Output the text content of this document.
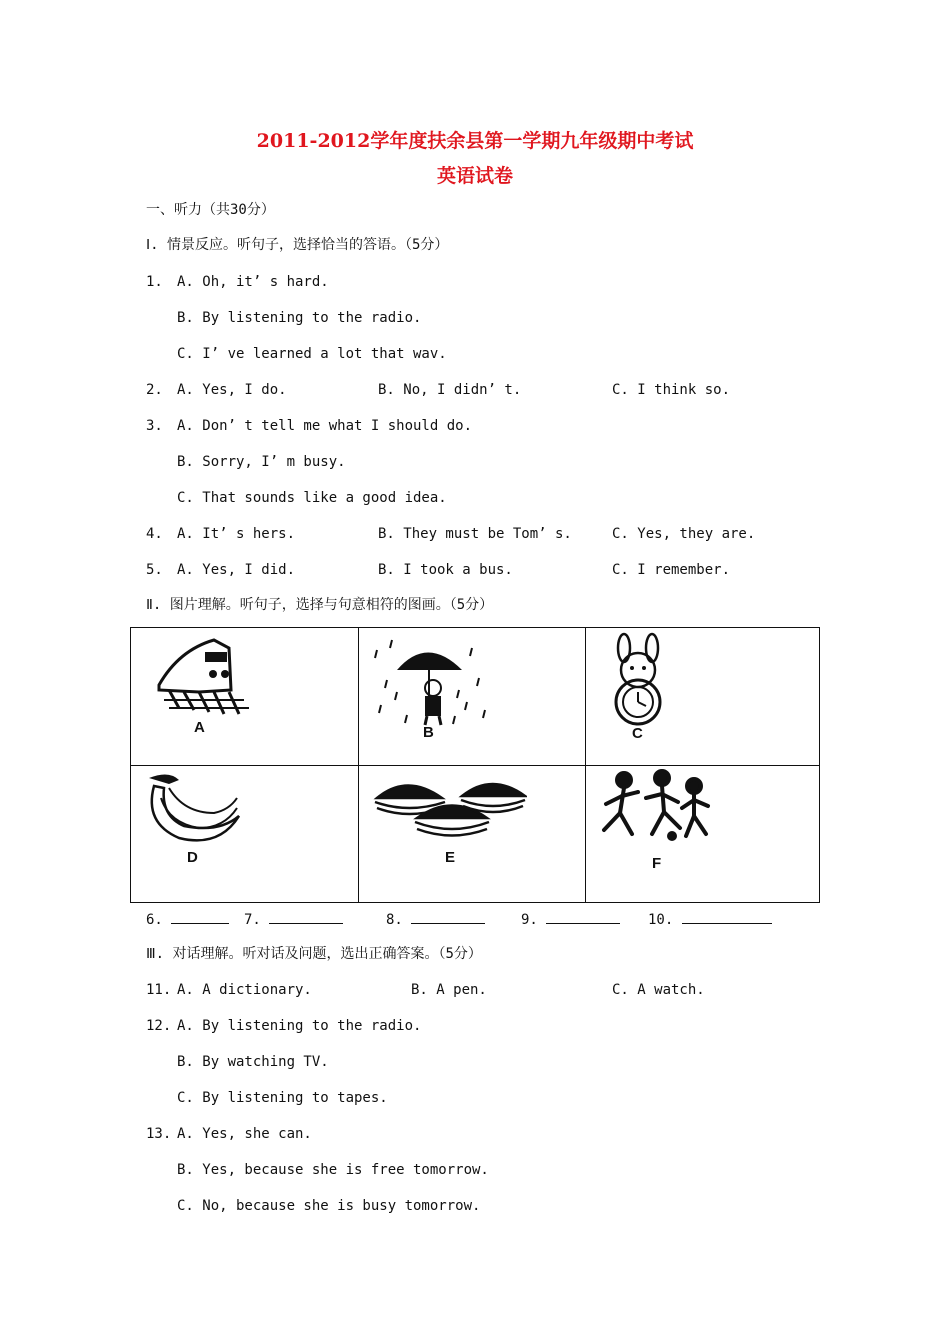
2011-2012学年度扶余县第一学期九年级期中考试
英语试卷
一、听力（共30分）
Ⅰ. 情景反应。听句子，选择恰当的答语。（5分）
1. A. Oh, it’ s hard.
B. By listening to the radio.
C. I’ ve learned a lot that wav.
2. A. Yes, I do.	B. No, I didn’ t.	C. I think so.
3. A. Don’ t tell me what I should do.
B. Sorry, I’ m busy.
C. That sounds like a good idea.
4. A. It’ s hers.	B. They must be Tom’ s.	C. Yes, they are.
5. A. Yes, I did.	B. I took a bus.	C. I remember.
Ⅱ. 图片理解。听句子，选择与句意相符的图画。（5分）
A	B	C
D	E	F
6.	7.	8.	9.	10.
Ⅲ. 对话理解。听对话及问题，选出正确答案。（5分）
11. A. A dictionary.	B. A pen.	C. A watch.
12. A. By listening to the radio.
B. By watching TV.
C. By listening to tapes.
13. A. Yes, she can.
B. Yes, because she is free tomorrow.
C. No, because she is busy tomorrow.
